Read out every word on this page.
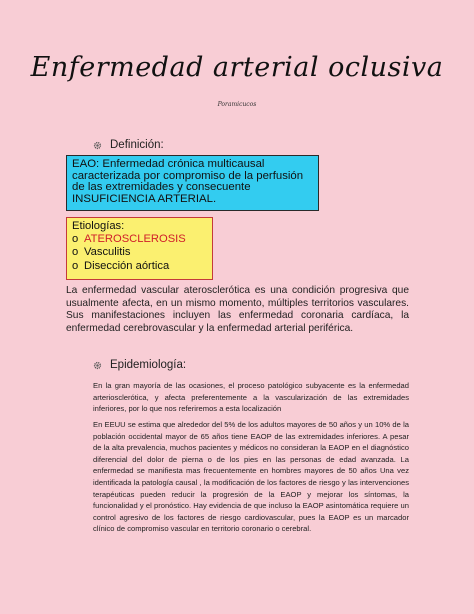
Enfermedad arterial oclusiva
Poramicucos
Definición:
EAO: Enfermedad crónica multicausal caracterizada por compromiso de la perfusión de las extremidades y consecuente INSUFICIENCIA ARTERIAL.
Etiologías:
o ATEROSCLEROSIS
o Vasculitis
o Disección aórtica
La enfermedad vascular aterosclerótica es una condición progresiva que usualmente afecta, en un mismo momento, múltiples territorios vasculares. Sus manifestaciones incluyen las enfermedad coronaria cardíaca, la enfermedad cerebrovascular y la enfermedad arterial periférica.
Epidemiología:
En la gran mayoría de las ocasiones, el proceso patológico subyacente es la enfermedad arteriosclerótica, y afecta preferentemente a la vascularización de las extremidades inferiores, por lo que nos referiremos a esta localización
En EEUU se estima que alrededor del 5% de los adultos mayores de 50 años y un 10% de la población occidental mayor de 65 años tiene EAOP de las extremidades inferiores. A pesar de la alta prevalencia, muchos pacientes y médicos no consideran la EAOP en el diagnóstico diferencial del dolor de pierna o de los pies en las personas de edad avanzada. La enfermedad se manifiesta mas frecuentemente en hombres mayores de 50 años Una vez identificada la patología causal , la modificación de los factores de riesgo y las intervenciones terapéuticas pueden reducir la progresión de la EAOP y mejorar los síntomas, la funcionalidad y el pronóstico. Hay evidencia de que incluso la EAOP asintomática requiere un control agresivo de los factores de riesgo cardiovascular, pues la EAOP es un marcador clínico de compromiso vascular en territorio coronario o cerebral.
